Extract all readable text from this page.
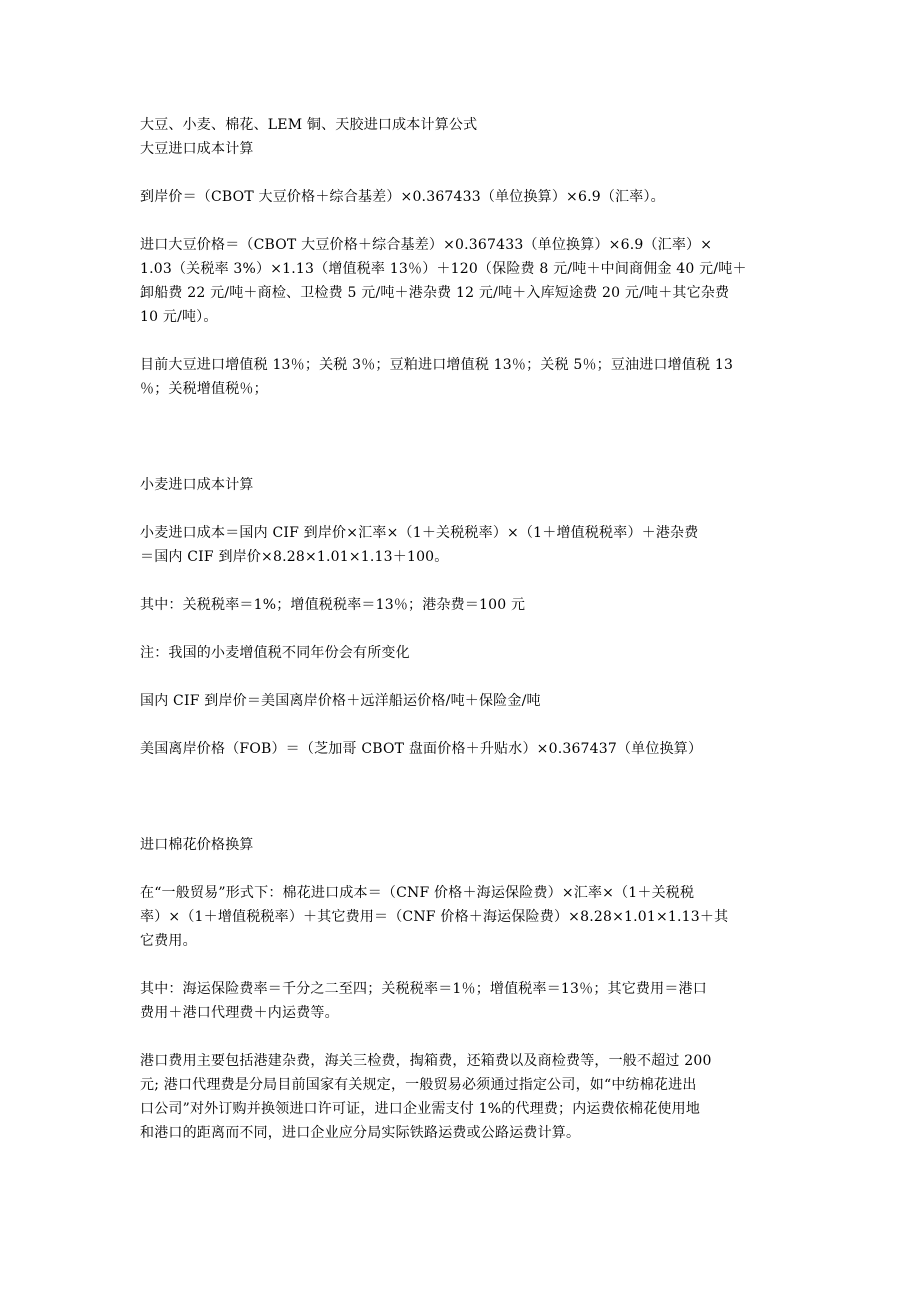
大豆、小麦、棉花、LEM 铜、天胶进口成本计算公式
大豆进口成本计算
到岸价＝（CBOT 大豆价格＋综合基差）×0.367433（单位换算）×6.9（汇率）。
进口大豆价格＝（CBOT 大豆价格＋综合基差）×0.367433（单位换算）×6.9（汇率）×
1.03（关税率 3%）×1.13（增值税率 13％）＋120（保险费 8 元/吨＋中间商佣金 40 元/吨＋
卸船费 22 元/吨＋商检、卫检费 5 元/吨＋港杂费 12 元/吨＋入库短途费 20 元/吨＋其它杂费
10 元/吨）。
目前大豆进口增值税 13％；关税 3％；豆粕进口增值税 13％；关税 5％；豆油进口增值税 13
％；关税增值税％；
小麦进口成本计算
小麦进口成本＝国内 CIF 到岸价×汇率×（1＋关税税率）×（1＋增值税税率）＋港杂费
＝国内 CIF 到岸价×8.28×1.01×1.13＋100。
其中：关税税率＝1%；增值税税率＝13％；港杂费＝100 元
注：我国的小麦增值税不同年份会有所变化
国内 CIF 到岸价＝美国离岸价格＋远洋船运价格/吨＋保险金/吨
美国离岸价格（FOB）＝（芝加哥 CBOT 盘面价格＋升贴水）×0.367437（单位换算）
进口棉花价格换算
在“一般贸易”形式下：棉花进口成本＝（CNF 价格＋海运保险费）×汇率×（1＋关税税
率）×（1＋增值税税率）＋其它费用＝（CNF 价格＋海运保险费）×8.28×1.01×1.13＋其
它费用。
其中：海运保险费率＝千分之二至四；关税税率＝1％；增值税率＝13％；其它费用＝港口
费用＋港口代理费＋内运费等。
港口费用主要包括港建杂费，海关三检费，掏箱费，还箱费以及商检费等，一般不超过 200
元; 港口代理费是分局目前国家有关规定，一般贸易必须通过指定公司，如“中纺棉花进出
口公司”对外订购并换领进口许可证，进口企业需支付 1%的代理费；内运费依棉花使用地
和港口的距离而不同，进口企业应分局实际铁路运费或公路运费计算。
